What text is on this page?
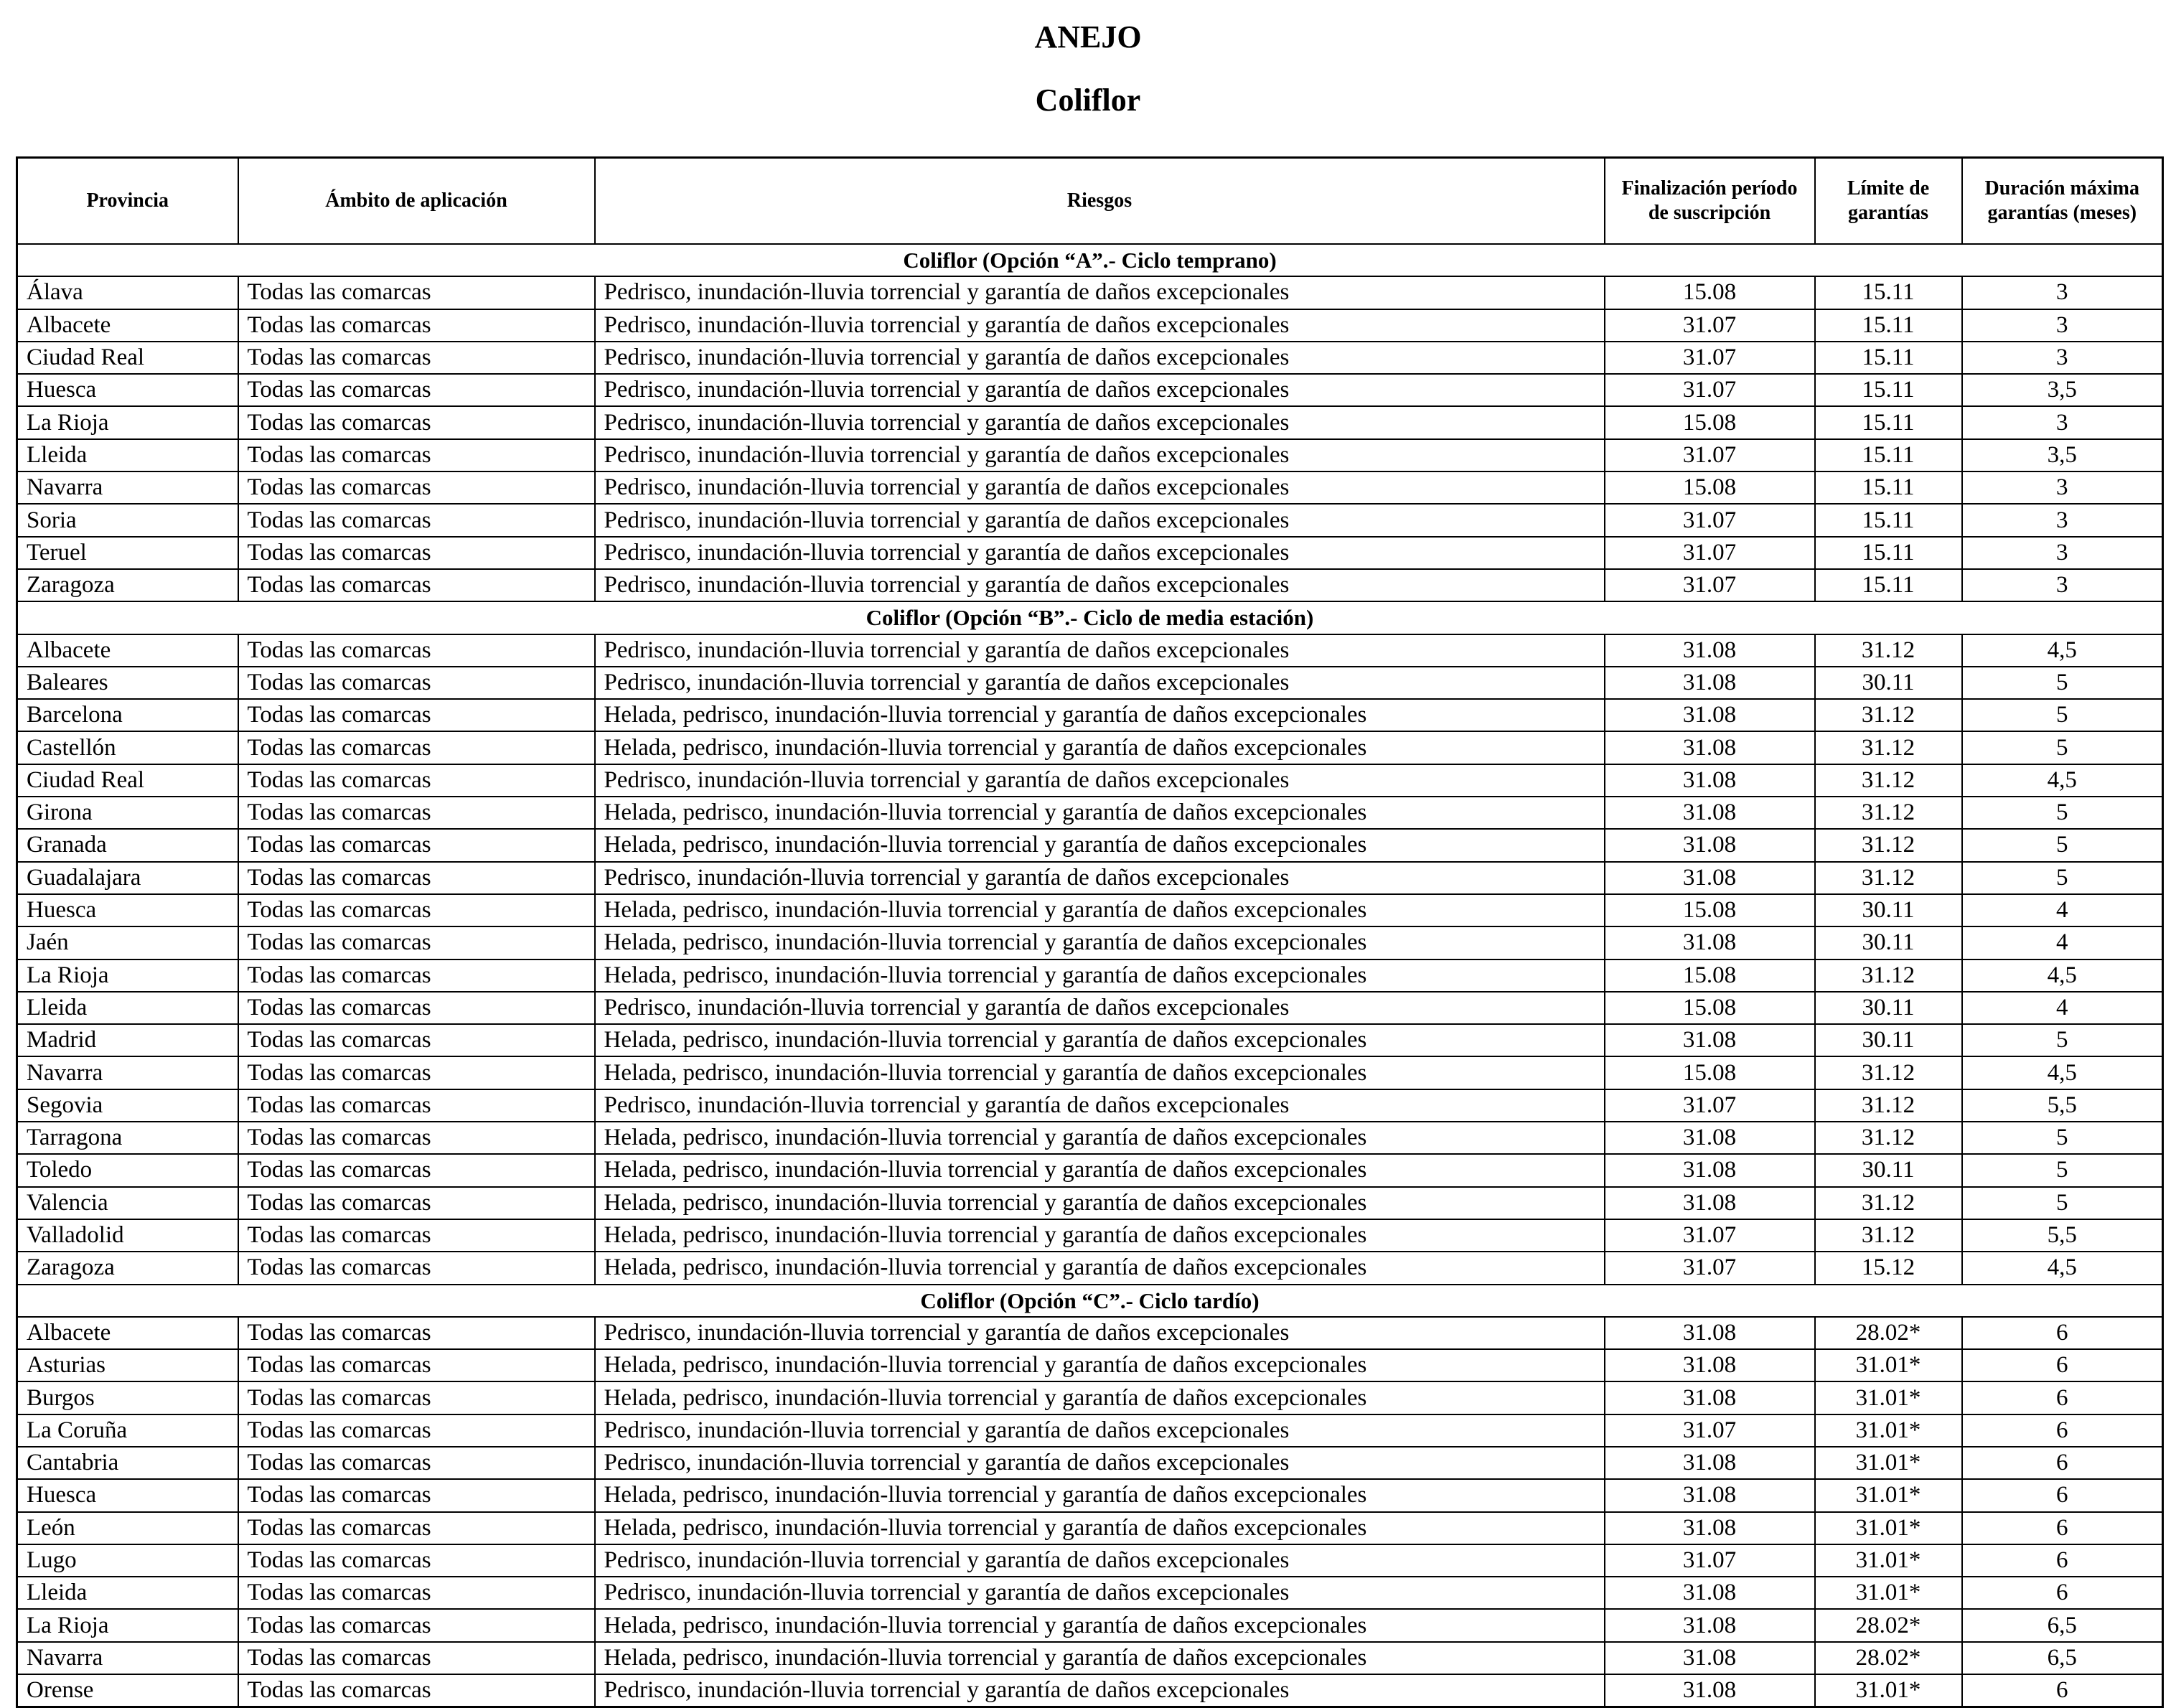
ANEJO
Coliflor
Provincia	Ámbito de aplicación	Riesgos	Finalización período de suscripción	Límite de garantías	Duración máxima garantías (meses)
Coliflor (Opción “A”.- Ciclo temprano)					
Álava	Todas las comarcas	Pedrisco, inundación-lluvia torrencial y garantía de daños excepcionales	15.08	15.11	3
Albacete	Todas las comarcas	Pedrisco, inundación-lluvia torrencial y garantía de daños excepcionales	31.07	15.11	3
Ciudad Real	Todas las comarcas	Pedrisco, inundación-lluvia torrencial y garantía de daños excepcionales	31.07	15.11	3
Huesca	Todas las comarcas	Pedrisco, inundación-lluvia torrencial y garantía de daños excepcionales	31.07	15.11	3,5
La Rioja	Todas las comarcas	Pedrisco, inundación-lluvia torrencial y garantía de daños excepcionales	15.08	15.11	3
Lleida	Todas las comarcas	Pedrisco, inundación-lluvia torrencial y garantía de daños excepcionales	31.07	15.11	3,5
Navarra	Todas las comarcas	Pedrisco, inundación-lluvia torrencial y garantía de daños excepcionales	15.08	15.11	3
Soria	Todas las comarcas	Pedrisco, inundación-lluvia torrencial y garantía de daños excepcionales	31.07	15.11	3
Teruel	Todas las comarcas	Pedrisco, inundación-lluvia torrencial y garantía de daños excepcionales	31.07	15.11	3
Zaragoza	Todas las comarcas	Pedrisco, inundación-lluvia torrencial y garantía de daños excepcionales	31.07	15.11	3
Coliflor (Opción “B”.- Ciclo de media estación)					
Albacete	Todas las comarcas	Pedrisco, inundación-lluvia torrencial y garantía de daños excepcionales	31.08	31.12	4,5
Baleares	Todas las comarcas	Pedrisco, inundación-lluvia torrencial y garantía de daños excepcionales	31.08	30.11	5
Barcelona	Todas las comarcas	Helada, pedrisco, inundación-lluvia torrencial y garantía de daños excepcionales	31.08	31.12	5
Castellón	Todas las comarcas	Helada, pedrisco, inundación-lluvia torrencial y garantía de daños excepcionales	31.08	31.12	5
Ciudad Real	Todas las comarcas	Pedrisco, inundación-lluvia torrencial y garantía de daños excepcionales	31.08	31.12	4,5
Girona	Todas las comarcas	Helada, pedrisco, inundación-lluvia torrencial y garantía de daños excepcionales	31.08	31.12	5
Granada	Todas las comarcas	Helada, pedrisco, inundación-lluvia torrencial y garantía de daños excepcionales	31.08	31.12	5
Guadalajara	Todas las comarcas	Pedrisco, inundación-lluvia torrencial y garantía de daños excepcionales	31.08	31.12	5
Huesca	Todas las comarcas	Helada, pedrisco, inundación-lluvia torrencial y garantía de daños excepcionales	15.08	30.11	4
Jaén	Todas las comarcas	Helada, pedrisco, inundación-lluvia torrencial y garantía de daños excepcionales	31.08	30.11	4
La Rioja	Todas las comarcas	Helada, pedrisco, inundación-lluvia torrencial y garantía de daños excepcionales	15.08	31.12	4,5
Lleida	Todas las comarcas	Pedrisco, inundación-lluvia torrencial y garantía de daños excepcionales	15.08	30.11	4
Madrid	Todas las comarcas	Helada, pedrisco, inundación-lluvia torrencial y garantía de daños excepcionales	31.08	30.11	5
Navarra	Todas las comarcas	Helada, pedrisco, inundación-lluvia torrencial y garantía de daños excepcionales	15.08	31.12	4,5
Segovia	Todas las comarcas	Pedrisco, inundación-lluvia torrencial y garantía de daños excepcionales	31.07	31.12	5,5
Tarragona	Todas las comarcas	Helada, pedrisco, inundación-lluvia torrencial y garantía de daños excepcionales	31.08	31.12	5
Toledo	Todas las comarcas	Helada, pedrisco, inundación-lluvia torrencial y garantía de daños excepcionales	31.08	30.11	5
Valencia	Todas las comarcas	Helada, pedrisco, inundación-lluvia torrencial y garantía de daños excepcionales	31.08	31.12	5
Valladolid	Todas las comarcas	Helada, pedrisco, inundación-lluvia torrencial y garantía de daños excepcionales	31.07	31.12	5,5
Zaragoza	Todas las comarcas	Helada, pedrisco, inundación-lluvia torrencial y garantía de daños excepcionales	31.07	15.12	4,5
Coliflor (Opción “C”.- Ciclo tardío)					
Albacete	Todas las comarcas	Pedrisco, inundación-lluvia torrencial y garantía de daños excepcionales	31.08	28.02*	6
Asturias	Todas las comarcas	Helada, pedrisco, inundación-lluvia torrencial y garantía de daños excepcionales	31.08	31.01*	6
Burgos	Todas las comarcas	Helada, pedrisco, inundación-lluvia torrencial y garantía de daños excepcionales	31.08	31.01*	6
La Coruña	Todas las comarcas	Pedrisco, inundación-lluvia torrencial y garantía de daños excepcionales	31.07	31.01*	6
Cantabria	Todas las comarcas	Pedrisco, inundación-lluvia torrencial y garantía de daños excepcionales	31.08	31.01*	6
Huesca	Todas las comarcas	Helada, pedrisco, inundación-lluvia torrencial y garantía de daños excepcionales	31.08	31.01*	6
León	Todas las comarcas	Helada, pedrisco, inundación-lluvia torrencial y garantía de daños excepcionales	31.08	31.01*	6
Lugo	Todas las comarcas	Pedrisco, inundación-lluvia torrencial y garantía de daños excepcionales	31.07	31.01*	6
Lleida	Todas las comarcas	Pedrisco, inundación-lluvia torrencial y garantía de daños excepcionales	31.08	31.01*	6
La Rioja	Todas las comarcas	Helada, pedrisco, inundación-lluvia torrencial y garantía de daños excepcionales	31.08	28.02*	6,5
Navarra	Todas las comarcas	Helada, pedrisco, inundación-lluvia torrencial y garantía de daños excepcionales	31.08	28.02*	6,5
Orense	Todas las comarcas	Pedrisco, inundación-lluvia torrencial y garantía de daños excepcionales	31.08	31.01*	6
